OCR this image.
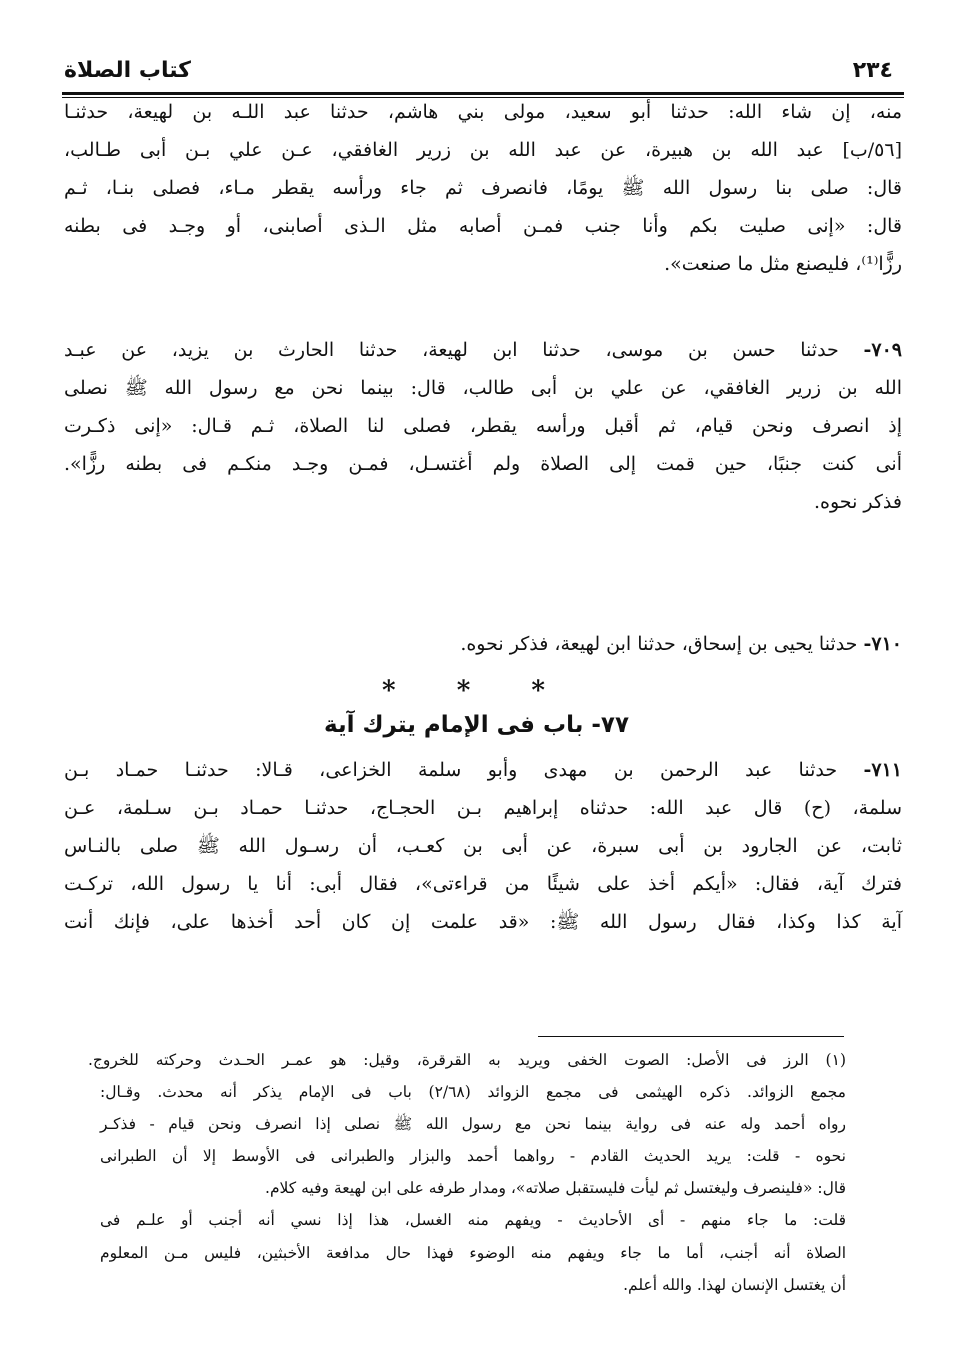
٢٣٤
كتاب الصلاة
منه، إن شاء الله: حدثنا أبو سعيد، مولى بني هاشم، حدثنا عبد اللـه بن لهيعة، حدثنـا
[٥٦/ب] عبد الله بن هبيرة، عن عبد الله بن زرير الغافقي، عـن علي بـن أبى طـالب،
قال: صلى بنا رسول الله ﷺ يومًا، فانصرف ثم جاء ورأسه يقطر مـاء، فصلى بنـا، ثـم
قال: «إنى صليت بكم وأنا جنب فمـن أصابه مثل الـذى أصابنى، أو وجـد فى بطنه
رزًّا⁽¹⁾، فليصنع مثل ما صنعت».
٧٠٩- حدثنا حسن بن موسى، حدثنا ابن لهيعة، حدثنا الحارث بن يزيد، عن عبـد
الله بن زرير الغافقي، عن علي بن أبى طالب، قال: بينما نحن مع رسول الله ﷺ نصلى
إذ انصرف ونحن قيام، ثم أقبل ورأسه يقطر، فصلى لنا الصلاة، ثـم قـال: «إنى ذكـرت
أنى كنت جنبًا، حين قمت إلى الصلاة ولم أغتسـل، فمـن وجـد منكـم فى بطنه رزًّا».
فذكر نحوه.
٧١٠- حدثنا يحيى بن إسحاق، حدثنا ابن لهيعة، فذكر نحوه.
* * *
٧٧- باب فى الإمام يترك آية
٧١١- حدثنا عبد الرحمن بن مهدى وأبو سلمة الخزاعى، قـالا: حدثنـا حمـاد بـن
سلمة، (ح) قال عبد الله: حدثناه إبراهيم بـن الحجـاج، حدثنـا حمـاد بـن سـلمة، عـن
ثابت، عن الجارود بن أبى سبرة، عن أبى بن كعـب، أن رسـول الله ﷺ صلى بالنـاس
فترك آية، فقال: «أيكم أخذ على شيئًا من قراءتى»، فقال أبى: أنا يا رسول الله، تركـت
آية كذا وكذا، فقال رسول الله ﷺ: «قد علمت إن كان أحد أخذها على، فإنك أنت
(١) الرز فى الأصل: الصوت الخفى ويريد به القرقرة، وقيل: هو عمـر الحـدث وحركته للخروج.
مجمع الزوائد. ذكره الهيثمى فى مجمع الزوائد (٢/٦٨) باب فى الإمام يذكر أنه محدث. وقـال:
رواه أحمد وله عنه فى رواية بينما نحن مع رسول الله ﷺ نصلى إذا انصرف ونحن قيام - فذكـر
نحوه - قلت: يريد الحديث القادم - رواهما أحمد والبزار والطبرانى فى الأوسط إلا أن الطبرانى
قال: «فلينصرف وليغتسل ثم ليأت فليستقبل صلاته»، ومدار طرفه على ابن لهيعة وفيه كلام.
قلت: ما جاء منهم - أى الأحاديث - ويفهم منه الغسل، هذا إذا نسي أنه أجنب أو علـم فى
الصلاة أنه أجنب، أما ما جاء ويفهم منه الوضوء فهذا حال مدافعة الأخبثين، فليس مـن المعلوم
أن يغتسل الإنسان لهذا. والله أعلم.
